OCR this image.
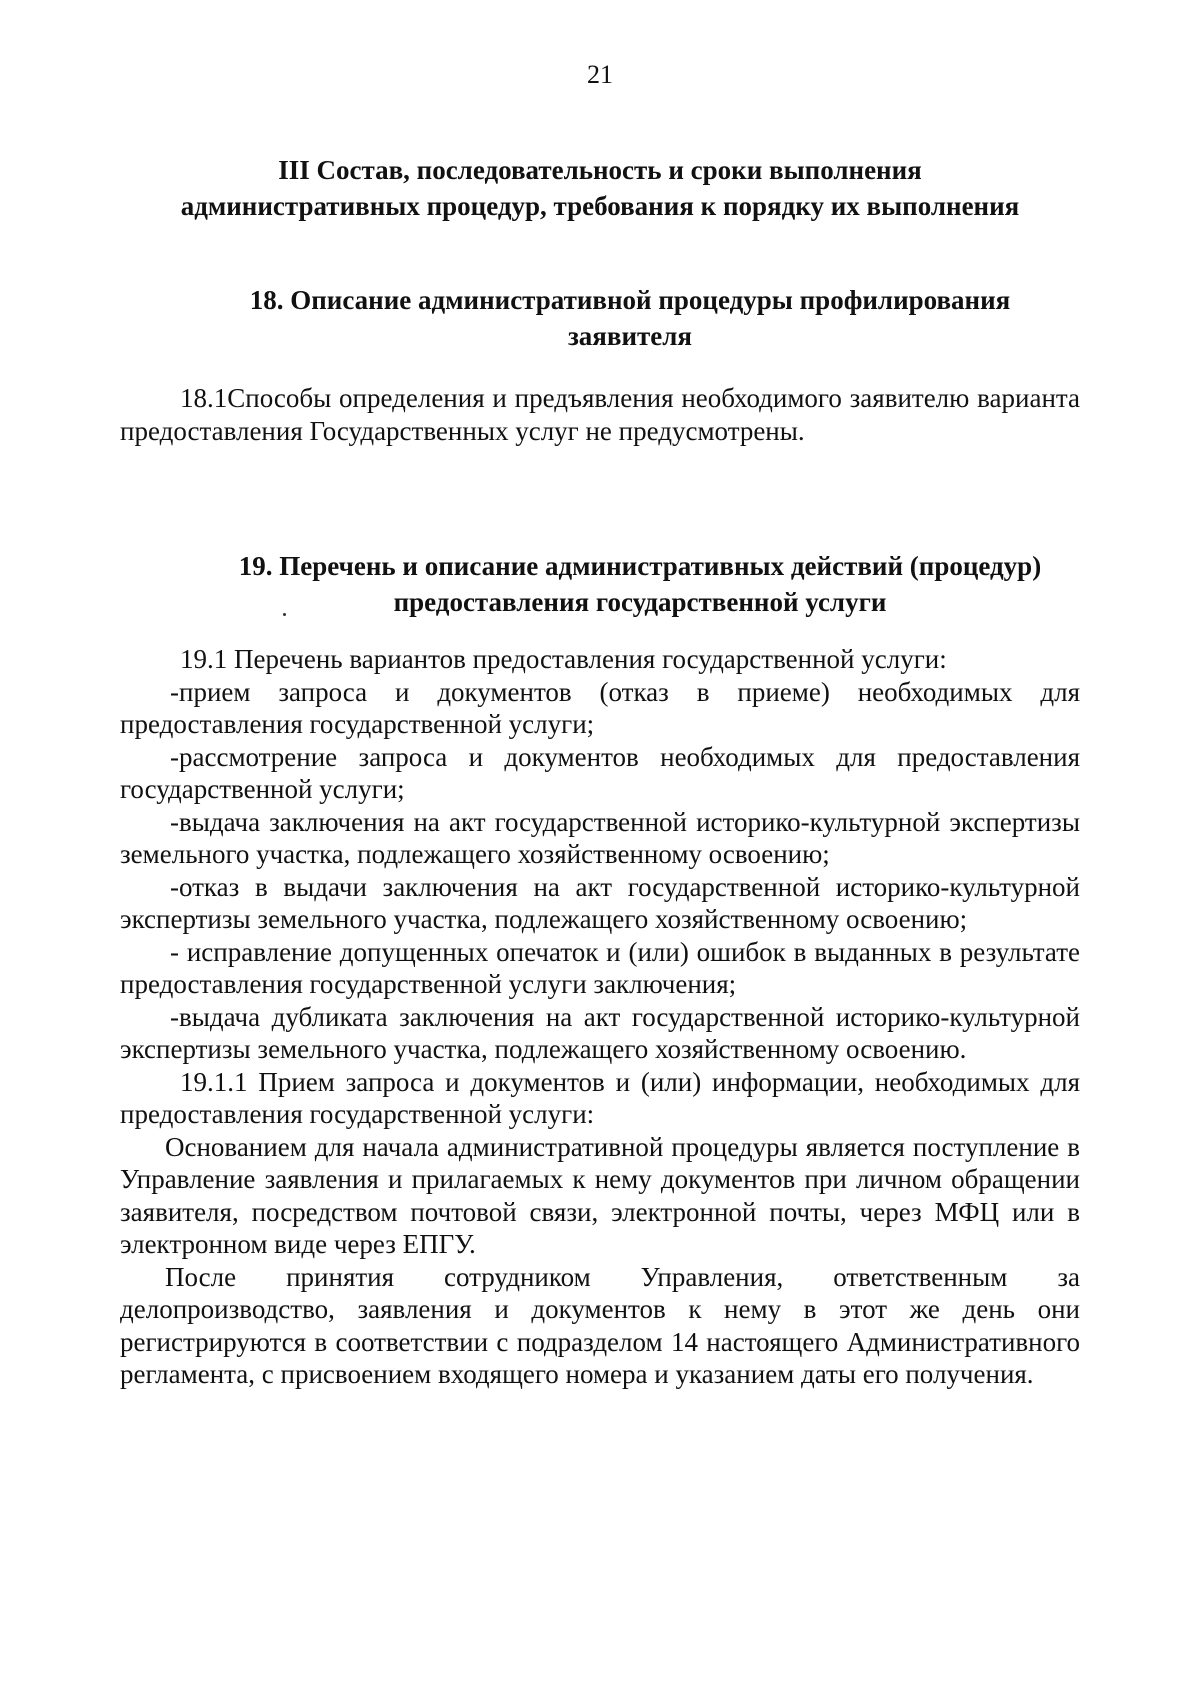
21
III Состав, последовательность и сроки выполнения
административных процедур, требования к порядку их выполнения
18. Описание административной процедуры профилирования
заявителя

18.1Способы определения и предъявления необходимого заявителю варианта предоставления Государственных услуг не предусмотрены.

19. Перечень и описание административных действий (процедур)
предоставления государственной услуги

19.1 Перечень вариантов предоставления государственной услуги:

-прием запроса и документов (отказ в приеме) необходимых для предоставления государственной услуги;

-рассмотрение запроса и документов необходимых для предоставления государственной услуги;

-выдача заключения на акт государственной историко-культурной экспертизы земельного участка, подлежащего хозяйственному освоению;

-отказ в выдачи заключения на акт государственной историко-культурной экспертизы земельного участка, подлежащего хозяйственному освоению;

- исправление допущенных опечаток и (или) ошибок в выданных в результате предоставления государственной услуги заключения;

-выдача дубликата заключения на акт государственной историко-культурной экспертизы земельного участка, подлежащего хозяйственному освоению.

19.1.1 Прием запроса и документов и (или) информации, необходимых для предоставления государственной услуги:

Основанием для начала административной процедуры является поступление в Управление заявления и прилагаемых к нему документов при личном обращении заявителя, посредством почтовой связи, электронной почты, через МФЦ или в электронном виде через ЕПГУ.

После принятия сотрудником Управления, ответственным за делопроизводство, заявления и документов к нему в этот же день они регистрируются в соответствии с подразделом 14 настоящего Административного регламента, с присвоением входящего номера и указанием даты его получения.
